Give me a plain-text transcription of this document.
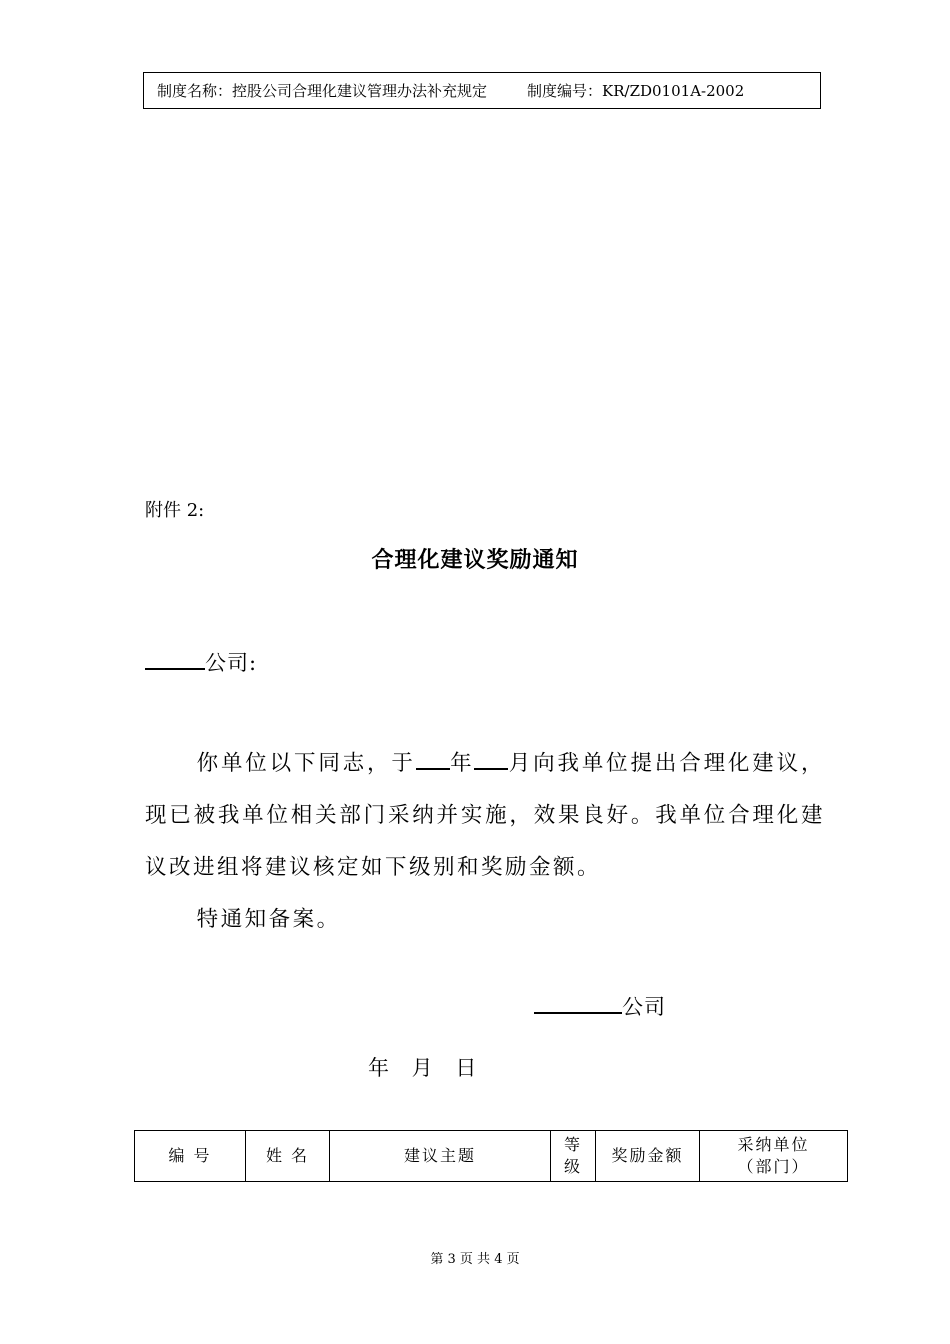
制度名称：控股公司合理化建议管理办法补充规定	制度编号：KR/ZD0101A-2002
附件 2:
合理化建议奖励通知
公司:

你单位以下同志，于 年 月向我单位提出合理化建议，现已被我单位相关部门采纳并实施，效果良好。我单位合理化建议改进组将建议核定如下级别和奖励金额。

特通知备案。

公司
年 月 日
编 号	姓 名	建议主题	等级	奖励金额	采纳单位（部门）
第 3 页 共 4 页
